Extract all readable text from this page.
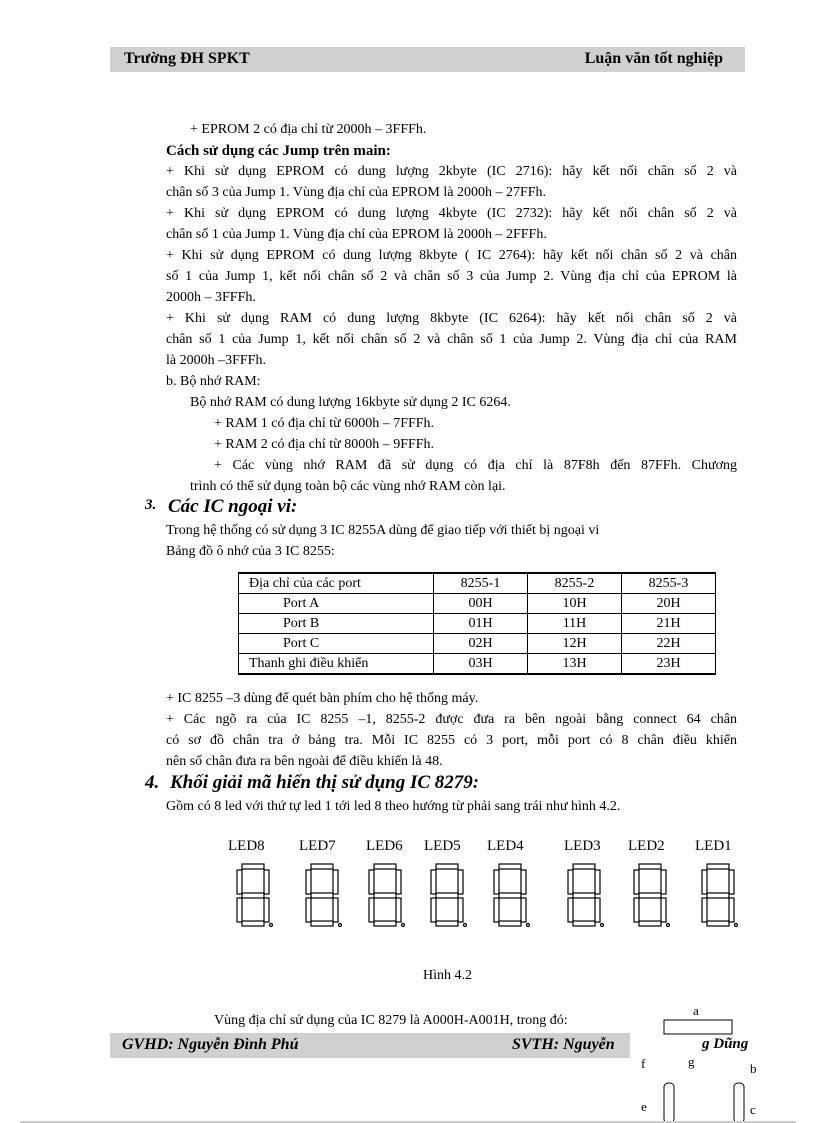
Trường ĐH SPKT	Luận văn tốt nghiệp
+ EPROM 2 có địa chỉ từ 2000h – 3FFFh.
Cách sử dụng các Jump trên main:
+ Khi sử dụng EPROM có dung lượng 2kbyte (IC 2716): hãy kết nối chân số 2 và
chân số 3 của Jump 1. Vùng địa chỉ của EPROM là 2000h – 27FFh.
+ Khi sử dụng EPROM có dung lượng 4kbyte (IC 2732): hãy kết nối chân số 2 và
chân số 1 của Jump 1. Vùng địa chỉ của EPROM là 2000h – 2FFFh.
+ Khi sử dụng EPROM có dung lượng 8kbyte ( IC 2764): hãy kết nối chân số 2 và chân
số 1 của Jump 1, kết nối chân số 2 và chân số 3 của Jump 2. Vùng địa chỉ của EPROM là
2000h – 3FFFh.
+ Khi sử dụng RAM có dung lượng 8kbyte (IC 6264): hãy kết nối chân số 2 và
chân số 1 của Jump 1, kết nối chân số 2 và chân số 1 của Jump 2. Vùng địa chỉ của RAM
là 2000h –3FFFh.
b. Bộ nhớ RAM:
Bộ nhớ RAM có dung lượng 16kbyte sử dụng 2 IC 6264.
+ RAM 1 có địa chỉ từ 6000h – 7FFFh.
+ RAM 2 có địa chỉ từ 8000h – 9FFFh.
+ Các vùng nhớ RAM đã sử dụng có địa chỉ là 87F8h đến 87FFh. Chương
trình có thể sử dụng toàn bộ các vùng nhớ RAM còn lại.
3. Các IC ngoại vi:
Trong hệ thống có sử dụng 3 IC 8255A dùng để giao tiếp với thiết bị ngoại vi
Bảng đồ ô nhớ của 3 IC 8255:
Địa chỉ của các port	8255-1	8255-2	8255-3
Port A	00H	10H	20H
Port B	01H	11H	21H
Port C	02H	12H	22H
Thanh ghi điều khiển	03H	13H	23H
+ IC 8255 –3 dùng để quét bàn phím cho hệ thống máy.
+ Các ngõ ra của IC 8255 –1, 8255-2 được đưa ra bên ngoài bằng connect 64 chân
có sơ đồ chân tra ở bảng tra. Mỗi IC 8255 có 3 port, mỗi port có 8 chân điều khiển
nên số chân đưa ra bên ngoài để điều khiển là 48.
4. Khối giải mã hiển thị sử dụng IC 8279:
Gồm có 8 led với thứ tự led 1 tới led 8 theo hướng từ phải sang trái như hình 4.2.
LED8 LED7 LED6 LED5 LED4	LED3 LED2 LED1
Hình 4.2
Vùng địa chỉ sử dụng của IC 8279 là A000H-A001H, trong đó:
GVHD: Nguyễn Đình Phú	SVTH: Nguyễn
a
g Dũng
g
f	b
e	c
